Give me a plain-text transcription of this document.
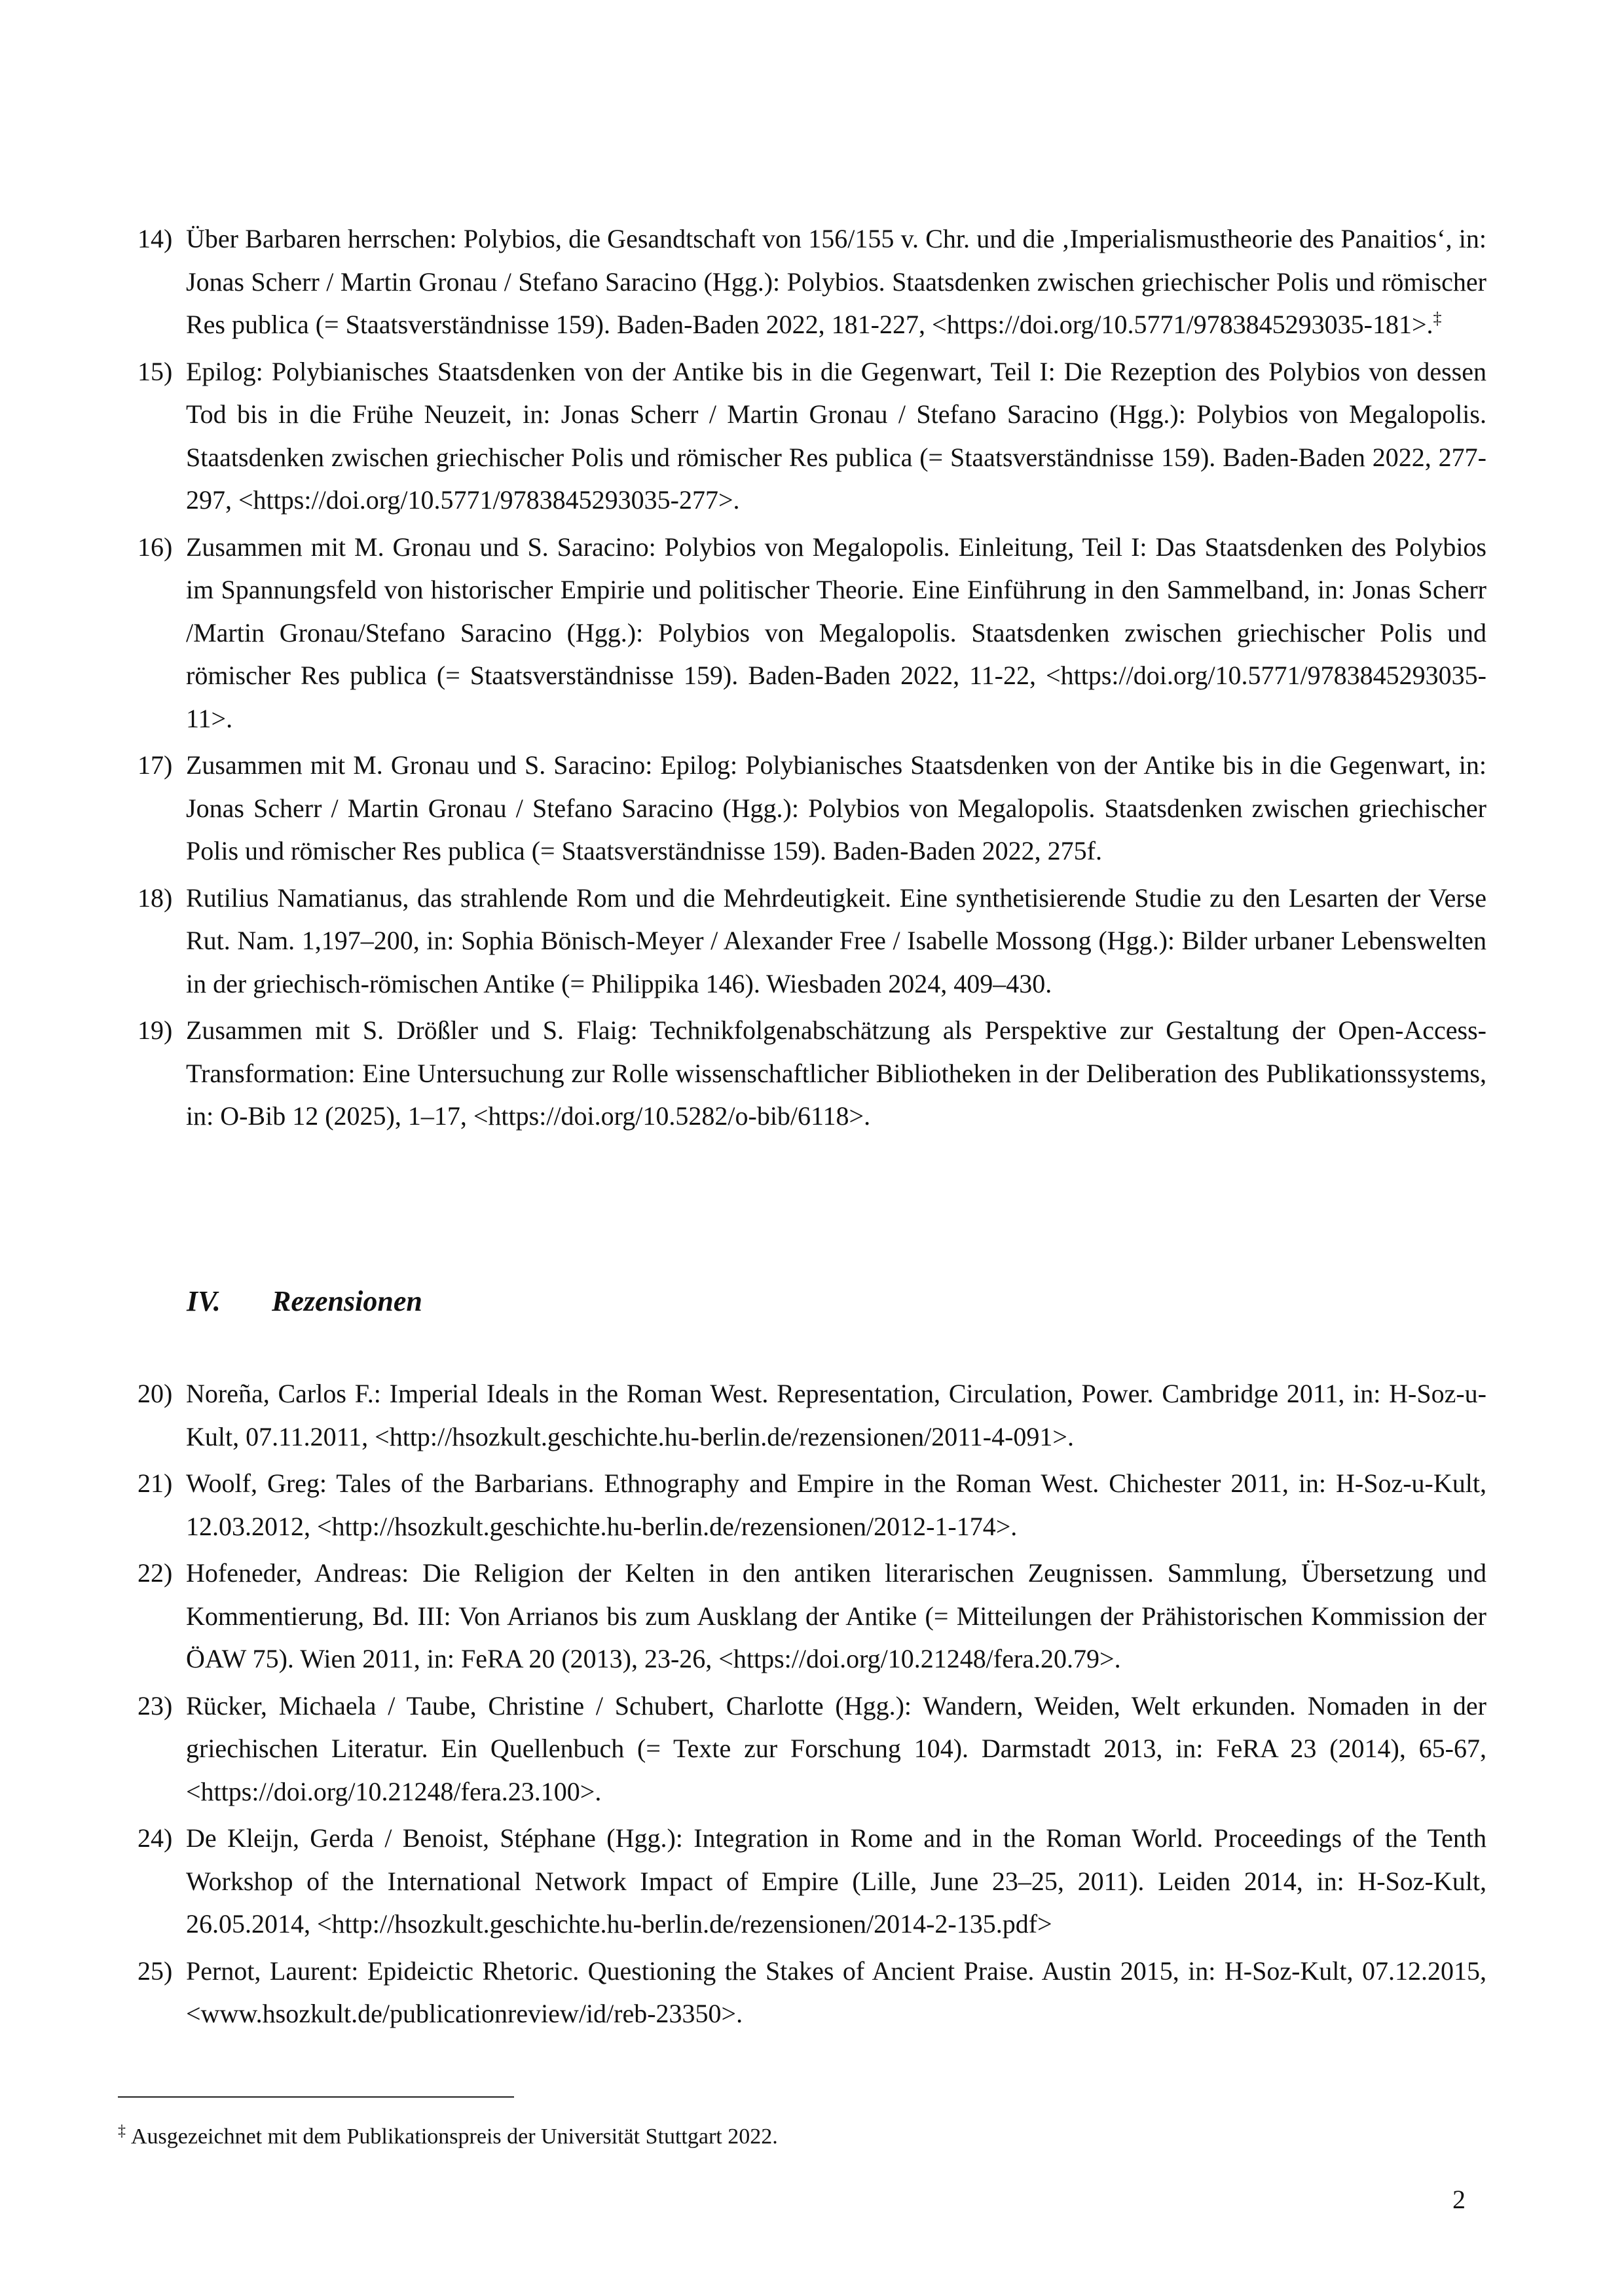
14) Über Barbaren herrschen: Polybios, die Gesandtschaft von 156/155 v. Chr. und die ‚Imperialismustheorie des Panaitios‘, in: Jonas Scherr / Martin Gronau / Stefano Saracino (Hgg.): Polybios. Staatsdenken zwischen griechischer Polis und römischer Res publica (= Staatsverständnisse 159). Baden-Baden 2022, 181-227, <https://doi.org/10.5771/9783845293035-181>.‡
15) Epilog: Polybianisches Staatsdenken von der Antike bis in die Gegenwart, Teil I: Die Rezeption des Polybios von dessen Tod bis in die Frühe Neuzeit, in: Jonas Scherr / Martin Gronau / Stefano Saracino (Hgg.): Polybios von Megalopolis. Staatsdenken zwischen griechischer Polis und römischer Res publica (= Staatsverständnisse 159). Baden-Baden 2022, 277-297, <https://doi.org/10.5771/9783845293035-277>.
16) Zusammen mit M. Gronau und S. Saracino: Polybios von Megalopolis. Einleitung, Teil I: Das Staatsdenken des Polybios im Spannungsfeld von historischer Empirie und politischer Theorie. Eine Einführung in den Sammelband, in: Jonas Scherr /Martin Gronau/Stefano Saracino (Hgg.): Polybios von Megalopolis. Staatsdenken zwischen griechischer Polis und römischer Res publica (= Staatsverständnisse 159). Baden-Baden 2022, 11-22, <https://doi.org/10.5771/9783845293035-11>.
17) Zusammen mit M. Gronau und S. Saracino: Epilog: Polybianisches Staatsdenken von der Antike bis in die Gegenwart, in: Jonas Scherr / Martin Gronau / Stefano Saracino (Hgg.): Polybios von Megalopolis. Staatsdenken zwischen griechischer Polis und römischer Res publica (= Staatsverständnisse 159). Baden-Baden 2022, 275f.
18) Rutilius Namatianus, das strahlende Rom und die Mehrdeutigkeit. Eine synthetisierende Studie zu den Lesarten der Verse Rut. Nam. 1,197–200, in: Sophia Bönisch-Meyer / Alexander Free / Isabelle Mossong (Hgg.): Bilder urbaner Lebenswelten in der griechisch-römischen Antike (= Philippika 146). Wiesbaden 2024, 409–430.
19) Zusammen mit S. Drößler und S. Flaig: Technikfolgenabschätzung als Perspektive zur Gestaltung der Open-Access-Transformation: Eine Untersuchung zur Rolle wissenschaftlicher Bibliotheken in der Deliberation des Publikationssystems, in: O-Bib 12 (2025), 1–17, <https://doi.org/10.5282/o-bib/6118>.
IV. Rezensionen
20) Noreña, Carlos F.: Imperial Ideals in the Roman West. Representation, Circulation, Power. Cambridge 2011, in: H-Soz-u-Kult, 07.11.2011, <http://hsozkult.geschichte.hu-berlin.de/rezensionen/2011-4-091>.
21) Woolf, Greg: Tales of the Barbarians. Ethnography and Empire in the Roman West. Chichester 2011, in: H-Soz-u-Kult, 12.03.2012, <http://hsozkult.geschichte.hu-berlin.de/rezensionen/2012-1-174>.
22) Hofeneder, Andreas: Die Religion der Kelten in den antiken literarischen Zeugnissen. Sammlung, Übersetzung und Kommentierung, Bd. III: Von Arrianos bis zum Ausklang der Antike (= Mitteilungen der Prähistorischen Kommission der ÖAW 75). Wien 2011, in: FeRA 20 (2013), 23-26, <https://doi.org/10.21248/fera.20.79>.
23) Rücker, Michaela / Taube, Christine / Schubert, Charlotte (Hgg.): Wandern, Weiden, Welt erkunden. Nomaden in der griechischen Literatur. Ein Quellenbuch (= Texte zur Forschung 104). Darmstadt 2013, in: FeRA 23 (2014), 65-67, <https://doi.org/10.21248/fera.23.100>.
24) De Kleijn, Gerda / Benoist, Stéphane (Hgg.): Integration in Rome and in the Roman World. Proceedings of the Tenth Workshop of the International Network Impact of Empire (Lille, June 23–25, 2011). Leiden 2014, in: H-Soz-Kult, 26.05.2014, <http://hsozkult.geschichte.hu-berlin.de/rezensionen/2014-2-135.pdf>
25) Pernot, Laurent: Epideictic Rhetoric. Questioning the Stakes of Ancient Praise. Austin 2015, in: H-Soz-Kult, 07.12.2015, <www.hsozkult.de/publicationreview/id/reb-23350>.

‡ Ausgezeichnet mit dem Publikationspreis der Universität Stuttgart 2022.

2
